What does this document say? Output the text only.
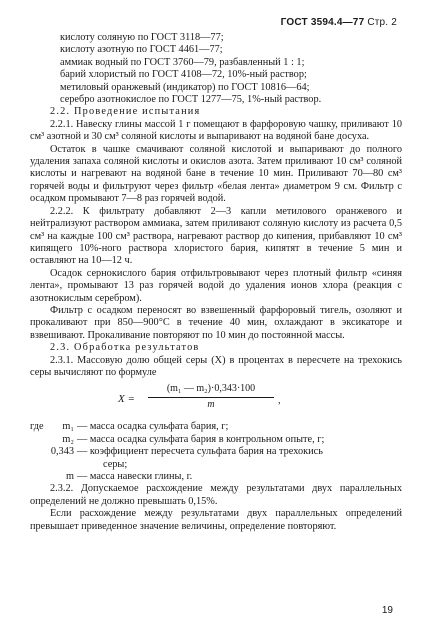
ГОСТ 3594.4—77 Стр. 2

кислоту соляную по ГОСТ 3118—77;

кислоту азотную по ГОСТ 4461—77;

аммиак водный по ГОСТ 3760—79, разбавленный 1 : 1;

барий хлористый по ГОСТ 4108—72, 10%-ный раствор;

метиловый оранжевый (индикатор) по ГОСТ 10816—64;

серебро азотнокислое по ГОСТ 1277—75, 1%-ный раствор.

2.2. Проведение испытания

2.2.1. Навеску глины массой 1 г помещают в фарфоровую чашку, приливают 10 см³ азотной и 30 см³ соляной кислоты и выпаривают на водяной бане досуха.

Остаток в чашке смачивают соляной кислотой и выпаривают до полного удаления запаха соляной кислоты и окислов азота. Затем приливают 10 см³ соляной кислоты и нагревают на водяной бане в течение 10 мин. Приливают 70—80 см³ горячей воды и фильтруют через фильтр «белая лента» диаметром 9 см. Фильтр с осадком промывают 7—8 раз горячей водой.

2.2.2. К фильтрату добавляют 2—3 капли метилового оранжевого и нейтрализуют раствором аммиака, затем приливают соляную кислоту из расчета 0,5 см³ на каждые 100 см³ раствора, нагревают раствор до кипения, прибавляют 10 см³ кипящего 10%-ного раствора хлористого бария, кипятят в течение 5 мин и оставляют на 10—12 ч.

Осадок сернокислого бария отфильтровывают через плотный фильтр «синяя лента», промывают 13 раз горячей водой до удаления ионов хлора (реакция с азотнокислым серебром).

Фильтр с осадком переносят во взвешенный фарфоровый тигель, озоляют и прокаливают при 850—900°С в течение 40 мин, охлаждают в эксикаторе и взвешивают. Прокаливание повторяют по 10 мин до постоянной массы.

2.3. Обработка результатов

2.3.1. Массовую долю общей серы (X) в процентах в пересчете на трехокись серы вычисляют по формуле

$X = \frac{\text{(m₁ — m₂)·0,343·100}}{m}$ ,
где	m₁ — масса осадка сульфата бария, г;
m₂ — масса осадка сульфата бария в контрольном опыте, г;
0,343 — коэффициент пересчета сульфата бария на трехокись
серы;
m — масса навески глины, г.

2.3.2. Допускаемое расхождение между результатами двух параллельных определений не должно превышать 0,15%.

Если расхождение между результатами двух параллельных определений превышает приведенное значение величины, определение повторяют.

19
